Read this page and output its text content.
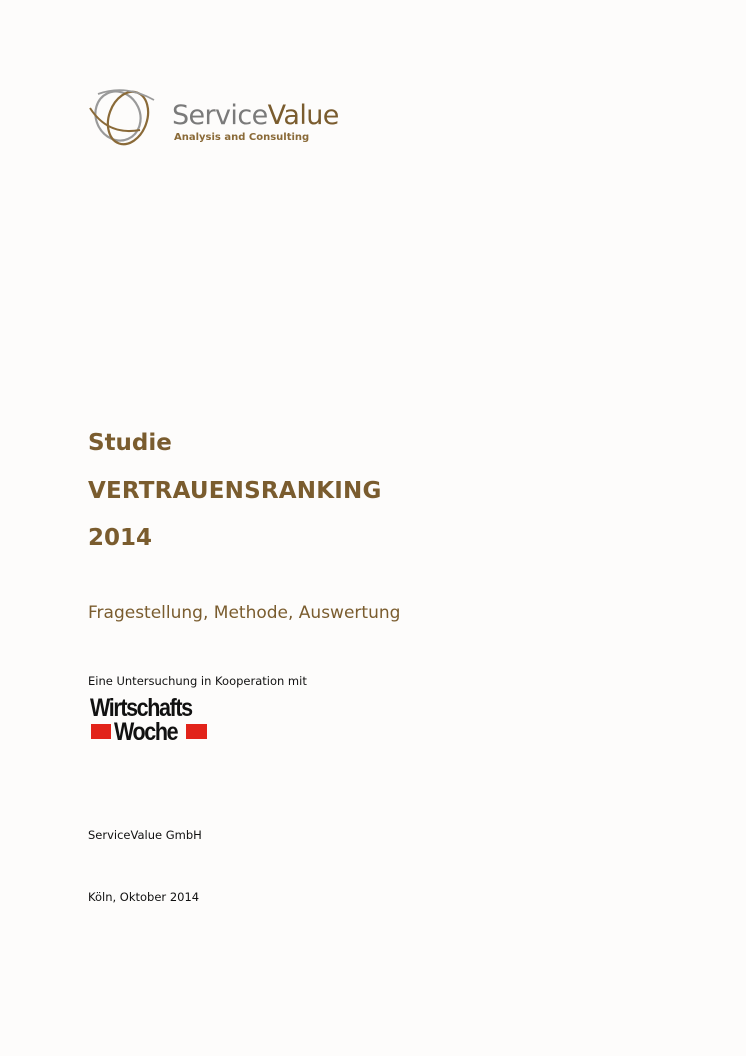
ServiceValue
Analysis and Consulting
Studie
VERTRAUENSRANKING
2014
Fragestellung, Methode, Auswertung
Eine Untersuchung in Kooperation mit
Wirtschafts
Woche
ServiceValue GmbH
Köln, Oktober 2014
